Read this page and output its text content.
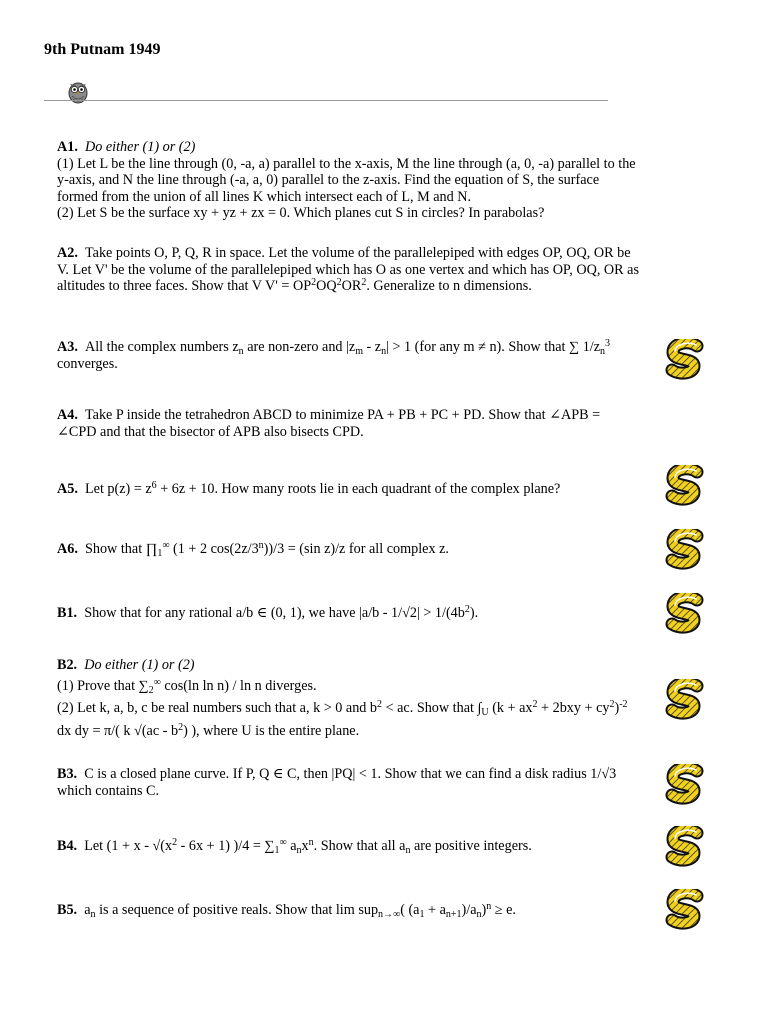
9th Putnam 1949

A1. Do either (1) or (2)

(1) Let L be the line through (0, -a, a) parallel to the x-axis, M the line through (a, 0, -a) parallel to the y-axis, and N the line through (-a, a, 0) parallel to the z-axis. Find the equation of S, the surface formed from the union of all lines K which intersect each of L, M and N.

(2) Let S be the surface xy + yz + zx = 0. Which planes cut S in circles? In parabolas?

A2. Take points O, P, Q, R in space. Let the volume of the parallelepiped with edges OP, OQ, OR be V. Let V' be the volume of the parallelepiped which has O as one vertex and which has OP, OQ, OR as altitudes to three faces. Show that V $V' = OP^2OQ^2OR^2$. Generalize to n dimensions.

A3. All the complex numbers $z_n$ are non-zero and $|z_m - z_n| > 1$ (for any m ≠ n). Show that ∑ $1/z_n^3$ converges.

A4. Take P inside the tetrahedron ABCD to minimize PA + PB + PC + PD. Show that ∠APB = ∠CPD and that the bisector of APB also bisects CPD.

A5. Let $p(z) = z^6 + 6z + 10$. How many roots lie in each quadrant of the complex plane?

A6. Show that $\prod_1^\infty$ (1 + 2 $\cos(2z/3^n))/3 = (\sin$ z)/z for all complex z.

B1. Show that for any rational a/b ∈ (0, 1), we have $|a/b - 1/√2| > 1/(4b^2)$.

B2. Do either (1) or (2)

(1) Prove that $\sum_2^\infty$ cos(ln ln n) / ln n diverges.

(2) Let k, a, b, c be real numbers such that a, k > 0 and $b^2$ < ac. Show that $\int_U$ $(k + ax^2 + 2bxy + cy^2)^{-2}$ dx dy = π/( k $√(ac - b^2)$ ), where U is the entire plane.

B3. C is a closed plane curve. If P, Q ∈ C, then |PQ| < 1. Show that we can find a disk radius 1/√3 which contains C.

B4. Let $(1 + x - √(x^2 - 6x + 1) )/4 = \sum_1^\infty$ $a_nx^n$. Show that all $a_n$ are positive integers.

B5. $a_n$ is a sequence of positive reals. Show that lim sup$_{n\to\infty}$( $(a_1 + a_{n+1})/a_n)^n \ge e$.
